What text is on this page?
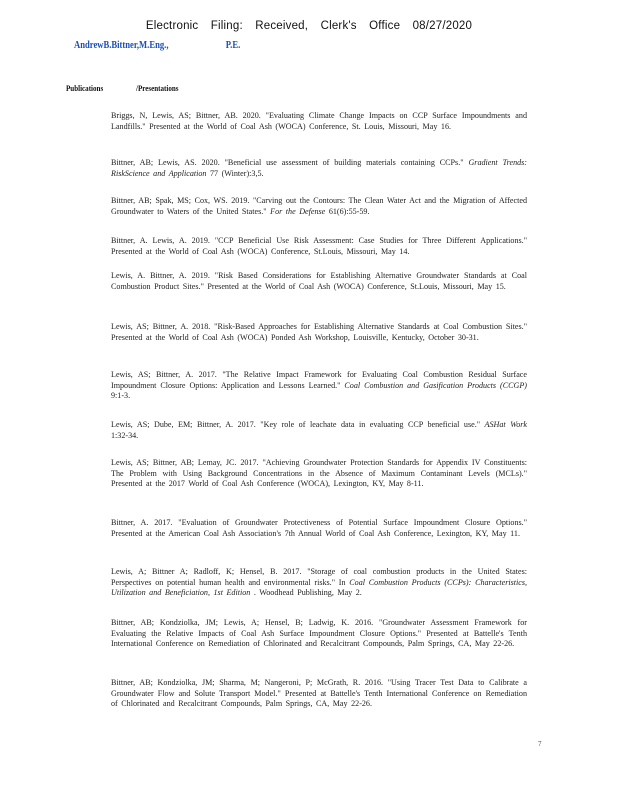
Electronic Filing: Received, Clerk's Office 08/27/2020
AndrewB.Bittner,M.Eng.,	P.E.
Publications	/Presentations
Briggs, N, Lewis, AS; Bittner, AB. 2020. "Evaluating Climate Change Impacts on CCP Surface Impoundments and Landfills." Presented at the World of Coal Ash (WOCA) Conference, St. Louis, Missouri, May 16.
Bittner, AB; Lewis, AS. 2020. "Beneficial use assessment of building materials containing CCPs." Gradient Trends: RiskScience and Application 77 (Winter):3,5.
Bittner, AB; Spak, MS; Cox, WS. 2019. "Carving out the Contours: The Clean Water Act and the Migration of Affected Groundwater to Waters of the United States." For the Defense 61(6):55-59.
Bittner, A. Lewis, A. 2019. "CCP Beneficial Use Risk Assessment: Case Studies for Three Different Applications." Presented at the World of Coal Ash (WOCA) Conference, St.Louis, Missouri, May 14.
Lewis, A. Bittner, A. 2019. "Risk Based Considerations for Establishing Alternative Groundwater Standards at Coal Combustion Product Sites." Presented at the World of Coal Ash (WOCA) Conference, St.Louis, Missouri, May 15.
Lewis, AS; Bittner, A. 2018. "Risk-Based Approaches for Establishing Alternative Standards at Coal Combustion Sites." Presented at the World of Coal Ash (WOCA) Ponded Ash Workshop, Louisville, Kentucky, October 30-31.
Lewis, AS; Bittner, A. 2017. "The Relative Impact Framework for Evaluating Coal Combustion Residual Surface Impoundment Closure Options: Application and Lessons Learned." Coal Combustion and Gasification Products (CCGP) 9:1-3.
Lewis, AS; Dube, EM; Bittner, A. 2017. "Key role of leachate data in evaluating CCP beneficial use." ASHat Work 1:32-34.
Lewis, AS; Bittner, AB; Lemay, JC. 2017. "Achieving Groundwater Protection Standards for Appendix IV Constituents: The Problem with Using Background Concentrations in the Absence of Maximum Contaminant Levels (MCLs)." Presented at the 2017 World of Coal Ash Conference (WOCA), Lexington, KY, May 8-11.
Bittner, A. 2017. "Evaluation of Groundwater Protectiveness of Potential Surface Impoundment Closure Options." Presented at the American Coal Ash Association's 7th Annual World of Coal Ash Conference, Lexington, KY, May 11.
Lewis, A; Bittner A; Radloff, K; Hensel, B. 2017. "Storage of coal combustion products in the United States: Perspectives on potential human health and environmental risks." In Coal Combustion Products (CCPs): Characteristics, Utilization and Beneficiation, 1st Edition . Woodhead Publishing, May 2.
Bittner, AB; Kondziolka, JM; Lewis, A; Hensel, B; Ladwig, K. 2016. "Groundwater Assessment Framework for Evaluating the Relative Impacts of Coal Ash Surface Impoundment Closure Options." Presented at Battelle's Tenth International Conference on Remediation of Chlorinated and Recalcitrant Compounds, Palm Springs, CA, May 22-26.
Bittner, AB; Kondziolka, JM; Sharma, M; Nangeroni, P; McGrath, R. 2016. "Using Tracer Test Data to Calibrate a Groundwater Flow and Solute Transport Model." Presented at Battelle's Tenth International Conference on Remediation of Chlorinated and Recalcitrant Compounds, Palm Springs, CA, May 22-26.
7
